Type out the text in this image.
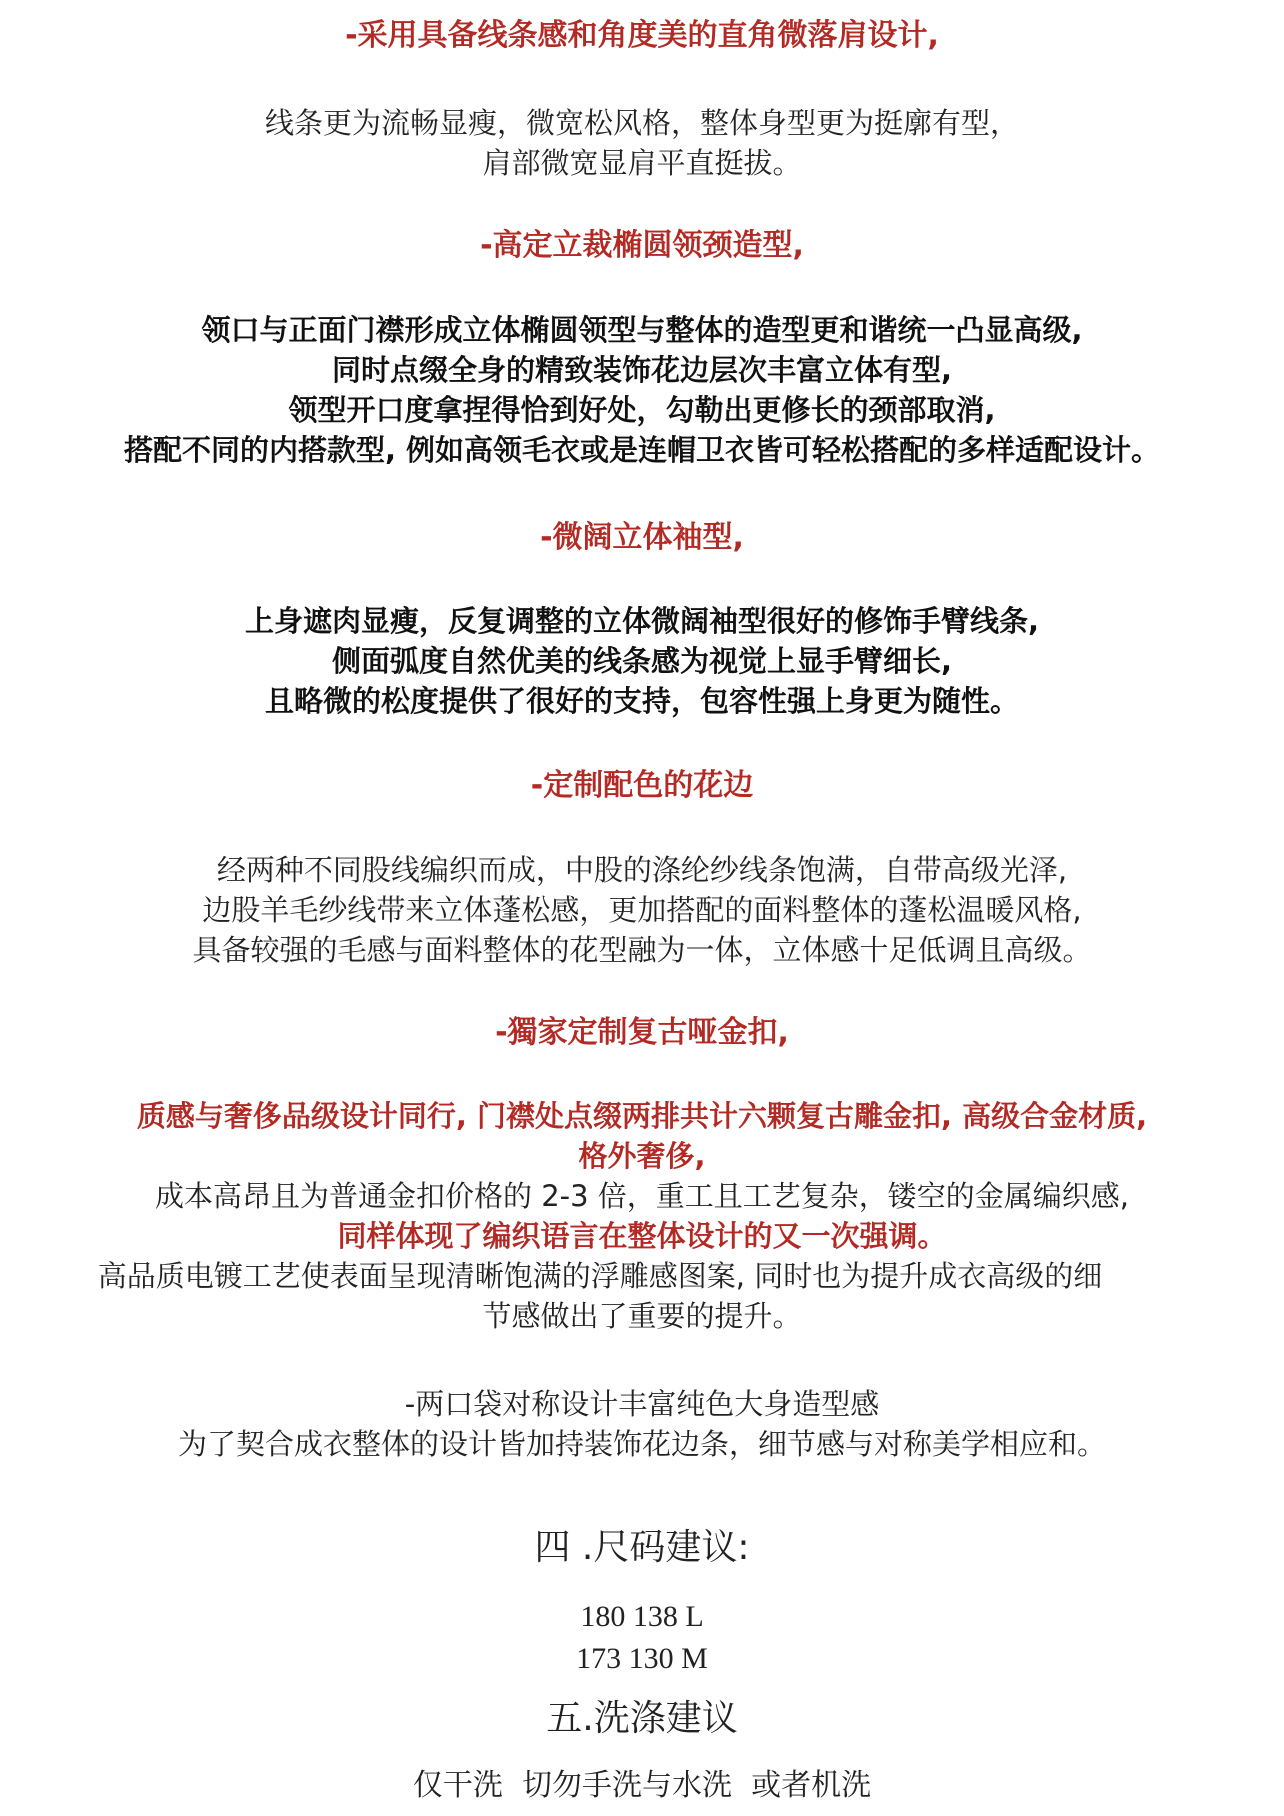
-采用具备线条感和角度美的直角微落肩设计,
线条更为流畅显瘦，微宽松风格，整体身型更为挺廓有型，
肩部微宽显肩平直挺拔。
-高定立裁椭圆领颈造型,
领口与正面门襟形成立体椭圆领型与整体的造型更和谐统一凸显高级,
同时点缀全身的精致装饰花边层次丰富立体有型,
领型开口度拿捏得恰到好处，勾勒出更修长的颈部取消,
搭配不同的内搭款型, 例如高领毛衣或是连帽卫衣皆可轻松搭配的多样适配设计。
-微阔立体袖型,
上身遮肉显瘦，反复调整的立体微阔袖型很好的修饰手臂线条,
侧面弧度自然优美的线条感为视觉上显手臂细长,
且略微的松度提供了很好的支持，包容性强上身更为随性。
-定制配色的花边
经两种不同股线编织而成，中股的涤纶纱线条饱满，自带高级光泽,
边股羊毛纱线带来立体蓬松感，更加搭配的面料整体的蓬松温暖风格,
具备较强的毛感与面料整体的花型融为一体，立体感十足低调且高级。
-獨家定制复古哑金扣,
质感与奢侈品级设计同行, 门襟处点缀两排共计六颗复古雕金扣, 高级合金材质,
格外奢侈,
成本高昂且为普通金扣价格的 2-3 倍，重工且工艺复杂，镂空的金属编织感,
同样体现了编织语言在整体设计的又一次强调。
高品质电镀工艺使表面呈现清晰饱满的浮雕感图案, 同时也为提升成衣高级的细
节感做出了重要的提升。
-两口袋对称设计丰富纯色大身造型感
为了契合成衣整体的设计皆加持装饰花边条，细节感与对称美学相应和。
四 .尺码建议:
180 138 L
173 130 M
五.洗涤建议
仅干洗  切勿手洗与水洗  或者机洗
